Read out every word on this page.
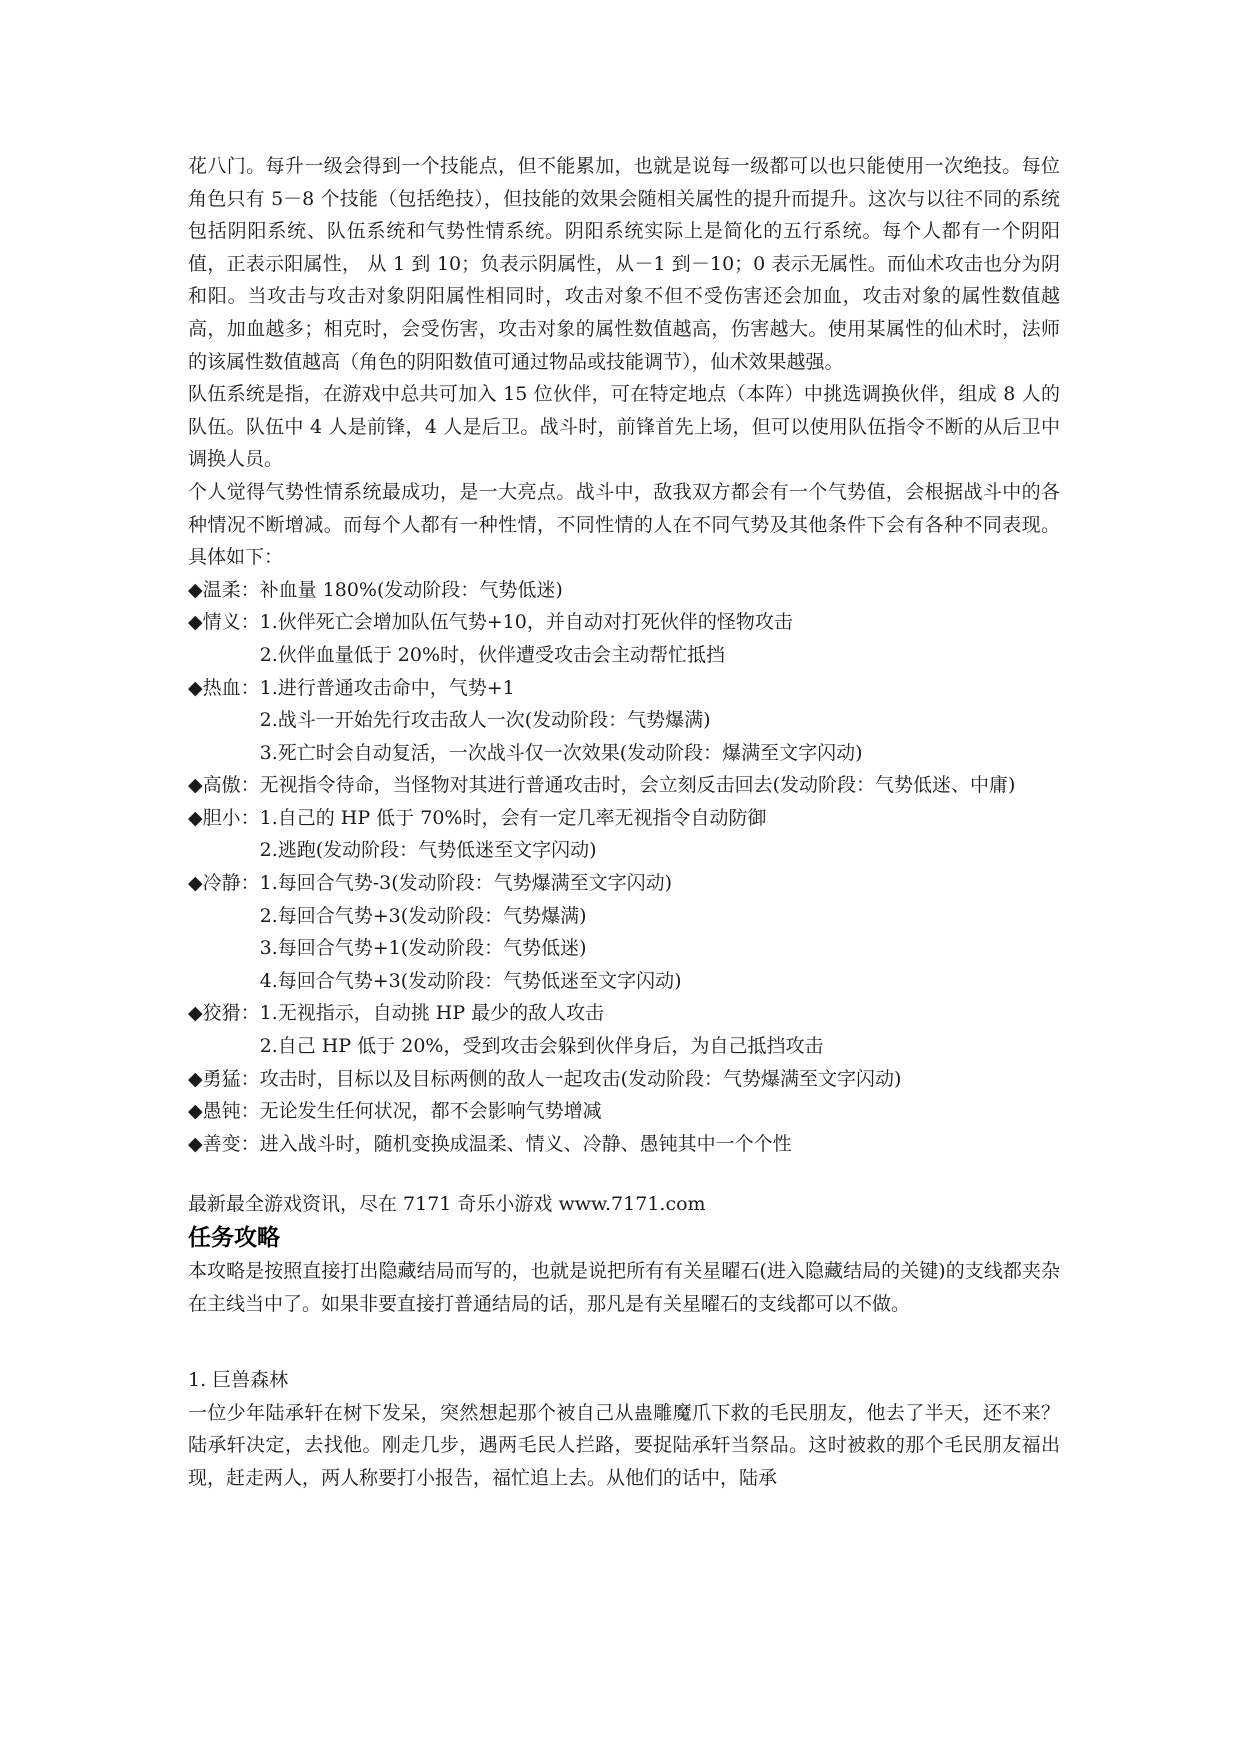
花八门。每升一级会得到一个技能点，但不能累加，也就是说每一级都可以也只能使用一次绝技。每位角色只有 5－8 个技能（包括绝技），但技能的效果会随相关属性的提升而提升。这次与以往不同的系统包括阴阳系统、队伍系统和气势性情系统。阴阳系统实际上是简化的五行系统。每个人都有一个阴阳值，正表示阳属性， 从 1 到 10；负表示阴属性，从－1 到－10；0 表示无属性。而仙术攻击也分为阴和阳。当攻击与攻击对象阴阳属性相同时，攻击对象不但不受伤害还会加血，攻击对象的属性数值越高，加血越多；相克时，会受伤害，攻击对象的属性数值越高，伤害越大。使用某属性的仙术时，法师的该属性数值越高（角色的阴阳数值可通过物品或技能调节），仙术效果越强。

队伍系统是指，在游戏中总共可加入 15 位伙伴，可在特定地点（本阵）中挑选调换伙伴，组成 8 人的队伍。队伍中 4 人是前锋，4 人是后卫。战斗时，前锋首先上场，但可以使用队伍指令不断的从后卫中调换人员。

个人觉得气势性情系统最成功，是一大亮点。战斗中，敌我双方都会有一个气势值，会根据战斗中的各种情况不断增减。而每个人都有一种性情，不同性情的人在不同气势及其他条件下会有各种不同表现。具体如下：

◆温柔： 补血量 180%(发动阶段：气势低迷)
◆情义： 1.伙伴死亡会增加队伍气势+10，并自动对打死伙伴的怪物攻击
2.伙伴血量低于 20%时，伙伴遭受攻击会主动帮忙抵挡
◆热血： 1.进行普通攻击命中，气势+1
2.战斗一开始先行攻击敌人一次(发动阶段：气势爆满)
3.死亡时会自动复活，一次战斗仅一次效果(发动阶段：爆满至文字闪动)

◆高傲：无视指令待命，当怪物对其进行普通攻击时，会立刻反击回去(发动阶段：气势低迷、中庸)

◆胆小： 1.自己的 HP 低于 70%时，会有一定几率无视指令自动防御
2.逃跑(发动阶段：气势低迷至文字闪动)
◆冷静： 1.每回合气势-3(发动阶段：气势爆满至文字闪动)
2.每回合气势+3(发动阶段：气势爆满)
3.每回合气势+1(发动阶段：气势低迷)
4.每回合气势+3(发动阶段：气势低迷至文字闪动)
◆狡猾： 1.无视指示，自动挑 HP 最少的敌人攻击
2.自己 HP 低于 20%，受到攻击会躲到伙伴身后，为自己抵挡攻击
◆勇猛： 攻击时，目标以及目标两侧的敌人一起攻击(发动阶段：气势爆满至文字闪动)
◆愚钝： 无论发生任何状况，都不会影响气势增减
◆善变： 进入战斗时，随机变换成温柔、情义、冷静、愚钝其中一个个性

最新最全游戏资讯，尽在 7171 奇乐小游戏 www.7171.com

任务攻略

本攻略是按照直接打出隐藏结局而写的，也就是说把所有有关星曜石(进入隐藏结局的关键)的支线都夹杂在主线当中了。如果非要直接打普通结局的话，那凡是有关星曜石的支线都可以不做。

1. 巨兽森林

一位少年陆承轩在树下发呆，突然想起那个被自己从蛊雕魔爪下救的毛民朋友，他去了半天，还不来？陆承轩决定，去找他。刚走几步，遇两毛民人拦路，要捉陆承轩当祭品。这时被救的那个毛民朋友福出现，赶走两人，两人称要打小报告，福忙追上去。从他们的话中，陆承
